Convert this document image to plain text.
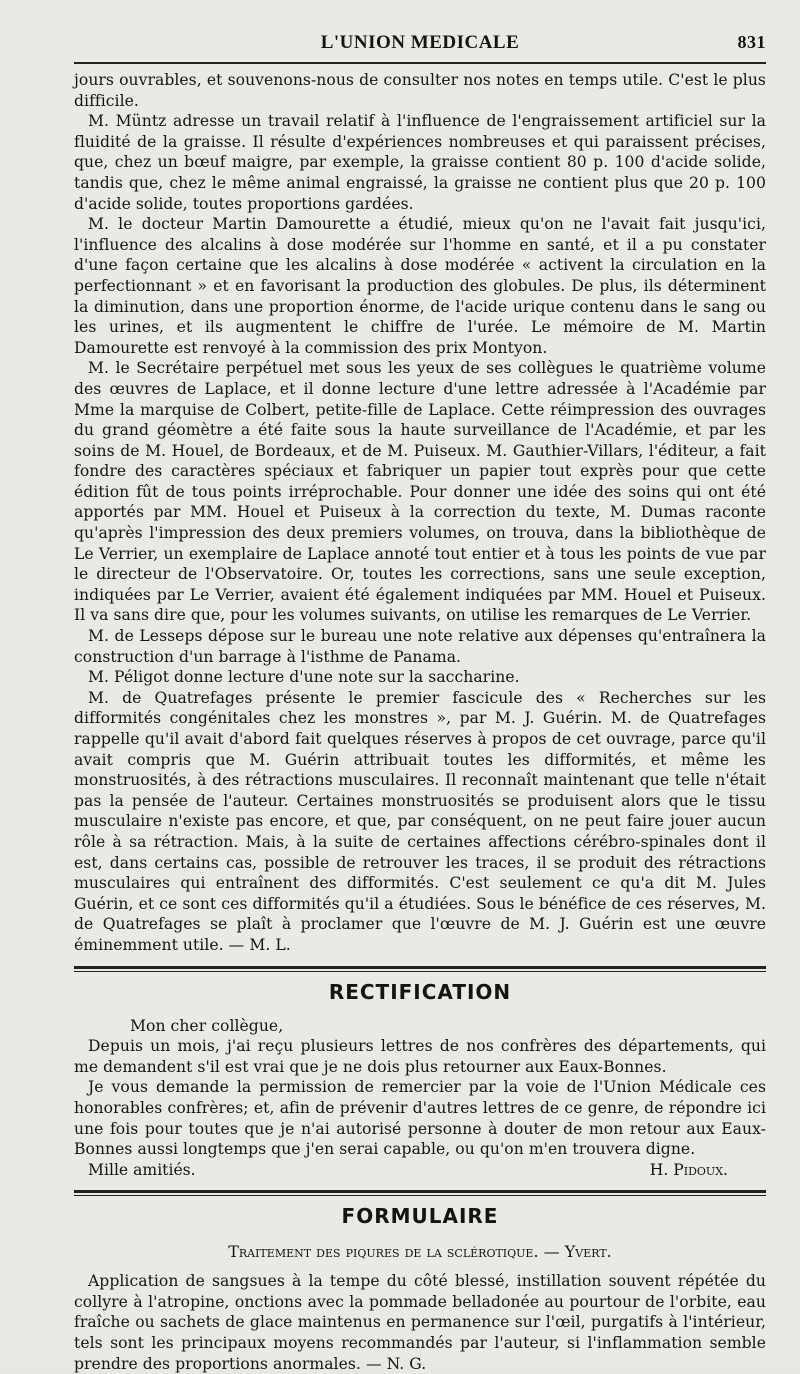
L'UNION MEDICALE	831

jours ouvrables, et souvenons-nous de consulter nos notes en temps utile. C'est le plus difficile.

M. Müntz adresse un travail relatif à l'influence de l'engraissement artificiel sur la fluidité de la graisse. Il résulte d'expériences nombreuses et qui paraissent précises, que, chez un bœuf maigre, par exemple, la graisse contient 80 p. 100 d'acide solide, tandis que, chez le même animal engraissé, la graisse ne contient plus que 20 p. 100 d'acide solide, toutes proportions gardées.

M. le docteur Martin Damourette a étudié, mieux qu'on ne l'avait fait jusqu'ici, l'influence des alcalins à dose modérée sur l'homme en santé, et il a pu constater d'une façon certaine que les alcalins à dose modérée « activent la circulation en la perfectionnant » et en favorisant la production des globules. De plus, ils déterminent la diminution, dans une proportion énorme, de l'acide urique contenu dans le sang ou les urines, et ils augmentent le chiffre de l'urée. Le mémoire de M. Martin Damourette est renvoyé à la commission des prix Montyon.

M. le Secrétaire perpétuel met sous les yeux de ses collègues le quatrième volume des œuvres de Laplace, et il donne lecture d'une lettre adressée à l'Académie par Mme la marquise de Colbert, petite-fille de Laplace. Cette réimpression des ouvrages du grand géomètre a été faite sous la haute surveillance de l'Académie, et par les soins de M. Houel, de Bordeaux, et de M. Puiseux. M. Gauthier-Villars, l'éditeur, a fait fondre des caractères spéciaux et fabriquer un papier tout exprès pour que cette édition fût de tous points irréprochable. Pour donner une idée des soins qui ont été apportés par MM. Houel et Puiseux à la correction du texte, M. Dumas raconte qu'après l'impression des deux premiers volumes, on trouva, dans la bibliothèque de Le Verrier, un exemplaire de Laplace annoté tout entier et à tous les points de vue par le directeur de l'Observatoire. Or, toutes les corrections, sans une seule exception, indiquées par Le Verrier, avaient été également indiquées par MM. Houel et Puiseux. Il va sans dire que, pour les volumes suivants, on utilise les remarques de Le Verrier.

M. de Lesseps dépose sur le bureau une note relative aux dépenses qu'entraînera la construction d'un barrage à l'isthme de Panama.

M. Péligot donne lecture d'une note sur la saccharine.

M. de Quatrefages présente le premier fascicule des « Recherches sur les difformités congénitales chez les monstres », par M. J. Guérin. M. de Quatrefages rappelle qu'il avait d'abord fait quelques réserves à propos de cet ouvrage, parce qu'il avait compris que M. Guérin attribuait toutes les difformités, et même les monstruosités, à des rétractions musculaires. Il reconnaît maintenant que telle n'était pas la pensée de l'auteur. Certaines monstruosités se produisent alors que le tissu musculaire n'existe pas encore, et que, par conséquent, on ne peut faire jouer aucun rôle à sa rétraction. Mais, à la suite de certaines affections cérébro-spinales dont il est, dans certains cas, possible de retrouver les traces, il se produit des rétractions musculaires qui entraînent des difformités. C'est seulement ce qu'a dit M. Jules Guérin, et ce sont ces difformités qu'il a étudiées. Sous le bénéfice de ces réserves, M. de Quatrefages se plaît à proclamer que l'œuvre de M. J. Guérin est une œuvre éminemment utile. — M. L.

RECTIFICATION

Mon cher collègue,

Depuis un mois, j'ai reçu plusieurs lettres de nos confrères des départements, qui me demandent s'il est vrai que je ne dois plus retourner aux Eaux-Bonnes.

Je vous demande la permission de remercier par la voie de l'Union Médicale ces honorables confrères; et, afin de prévenir d'autres lettres de ce genre, de répondre ici une fois pour toutes que je n'ai autorisé personne à douter de mon retour aux Eaux-Bonnes aussi longtemps que j'en serai capable, ou qu'on m'en trouvera digne.

Mille amitiés.	H. Pidoux.
FORMULAIRE
Traitement des piqures de la sclérotique. — Yvert.

Application de sangsues à la tempe du côté blessé, instillation souvent répétée du collyre à l'atropine, onctions avec la pommade belladonée au pourtour de l'orbite, eau fraîche ou sachets de glace maintenus en permanence sur l'œil, purgatifs à l'intérieur, tels sont les principaux moyens recommandés par l'auteur, si l'inflammation semble prendre des proportions anormales. — N. G.
